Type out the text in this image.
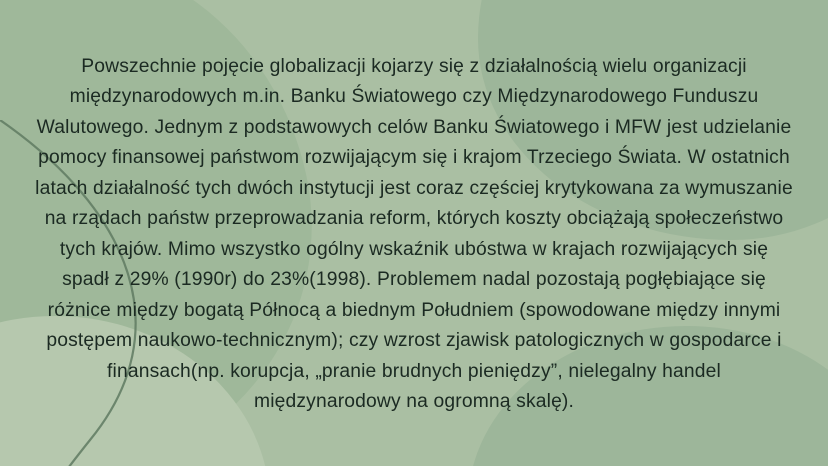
Powszechnie pojęcie globalizacji kojarzy się z działalnością wielu organizacji międzynarodowych m.in. Banku Światowego czy Międzynarodowego Funduszu Walutowego. Jednym z podstawowych celów Banku Światowego i MFW jest udzielanie pomocy finansowej państwom rozwijającym się i krajom Trzeciego Świata. W ostatnich latach działalność tych dwóch instytucji jest coraz częściej krytykowana za wymuszanie na rządach państw przeprowadzania reform, których koszty obciążają społeczeństwo tych krajów. Mimo wszystko ogólny wskaźnik ubóstwa w krajach rozwijających się spadł z 29% (1990r) do 23%(1998). Problemem nadal pozostają pogłębiające się różnice między bogatą Północą a biednym Południem (spowodowane między innymi postępem naukowo-technicznym); czy wzrost zjawisk patologicznych w gospodarce i finansach(np. korupcja, „pranie brudnych pieniędzy”, nielegalny handel międzynarodowy na ogromną skalę).
